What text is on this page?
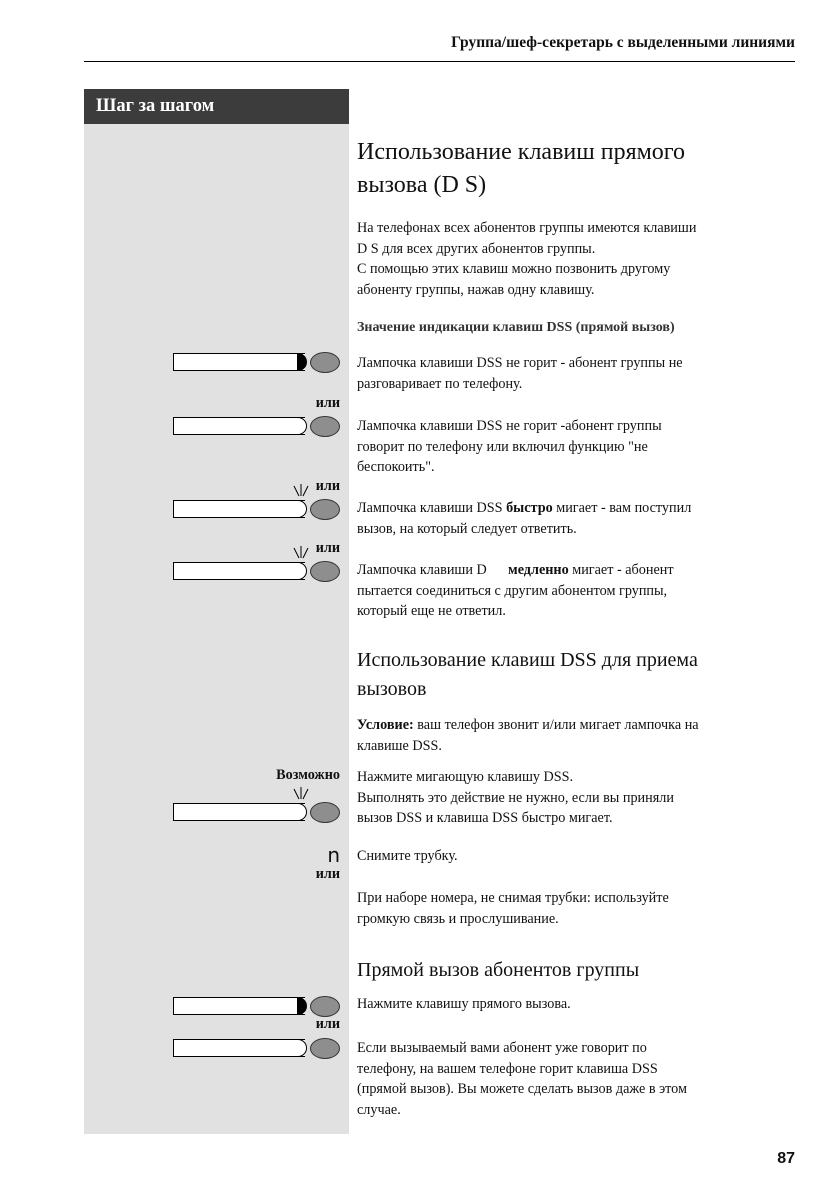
Группа/шеф-секретарь с выделенными линиями
Шаг за шагом
Использование клавиш прямого
вызова (D S)
На телефонах всех абонентов группы имеются клавиши
D S для всех других абонентов группы.
С помощью этих клавиш можно позвонить другому
абоненту группы, нажав одну клавишу.
Значение индикации клавиш DSS (прямой вызов)
Лампочка клавиши DSS не горит - абонент группы не
разговаривает по телефону.
или
Лампочка клавиши DSS не горит -абонент группы
говорит по телефону или включил функцию "не
беспокоить".
или
Лампочка клавиши DSS быстро мигает - вам поступил
вызов, на который следует ответить.
или
Лампочка клавиши D      медленно мигает - абонент
пытается соединиться с другим абонентом группы,
который еще не ответил.
Использование клавиш DSS для приема
вызовов
Условие: ваш телефон звонит и/или мигает лампочка на
клавише DSS.
Возможно Нажмите мигающую клавишу DSS.
Выполнять это действие не нужно, если вы приняли
вызов DSS и клавиша DSS быстро мигает.
n Снимите трубку.
или
При наборе номера, не снимая трубки: используйте
громкую связь и прослушивание.
Прямой вызов абонентов группы
Нажмите клавишу прямого вызова.
или
Если вызываемый вами абонент уже говорит по
телефону, на вашем телефоне горит клавиша DSS
(прямой вызов). Вы можете сделать вызов даже в этом
случае.
87
